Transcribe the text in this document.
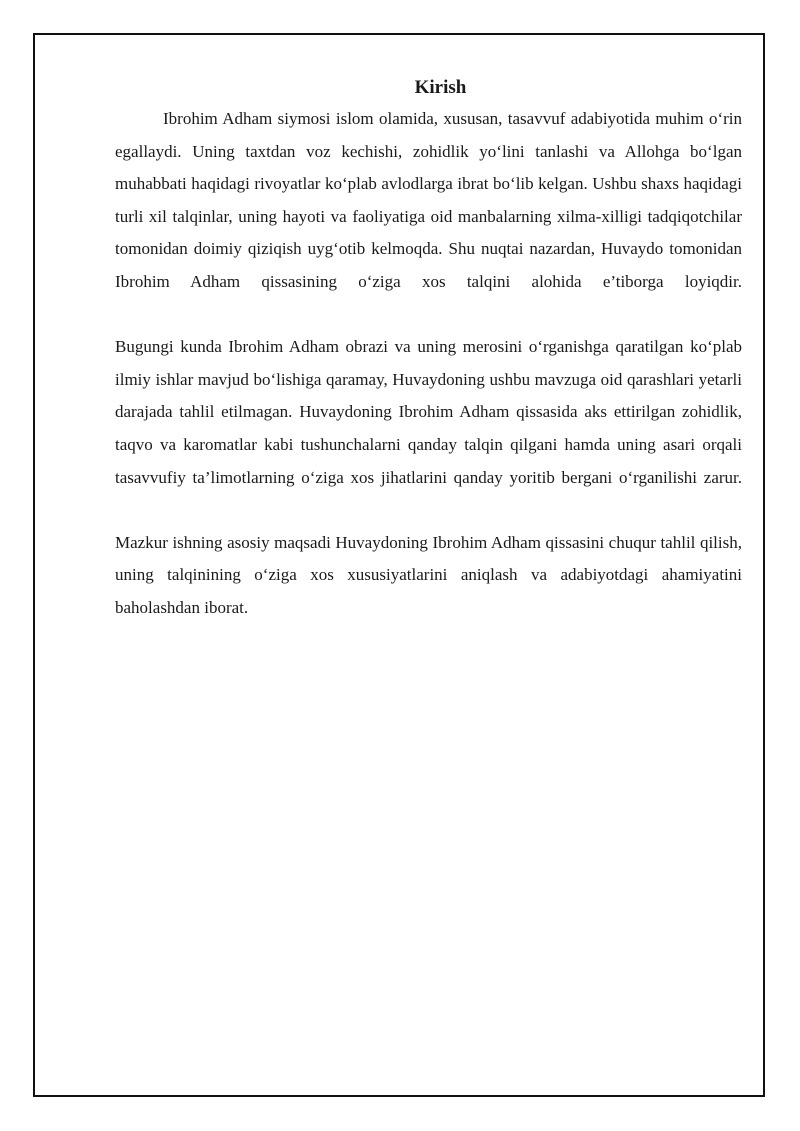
Kirish

Ibrohim Adham siymosi islom olamida, xususan, tasavvuf adabiyotida muhim o‘rin egallaydi. Uning taxtdan voz kechishi, zohidlik yo‘lini tanlashi va Allohga bo‘lgan muhabbati haqidagi rivoyatlar ko‘plab avlodlarga ibrat bo‘lib kelgan. Ushbu shaxs haqidagi turli xil talqinlar, uning hayoti va faoliyatiga oid manbalarning xilma-xilligi tadqiqotchilar tomonidan doimiy qiziqish uyg‘otib kelmoqda. Shu nuqtai nazardan, Huvaydo tomonidan Ibrohim Adham qissasining o‘ziga xos talqini alohida e’tiborga loyiqdir.

Bugungi kunda Ibrohim Adham obrazi va uning merosini o‘rganishga qaratilgan ko‘plab ilmiy ishlar mavjud bo‘lishiga qaramay, Huvaydoning ushbu mavzuga oid qarashlari yetarli darajada tahlil etilmagan. Huvaydoning Ibrohim Adham qissasida aks ettirilgan zohidlik, taqvo va karomatlar kabi tushunchalarni qanday talqin qilgani hamda uning asari orqali tasavvufiy ta’limotlarning o‘ziga xos jihatlarini qanday yoritib bergani o‘rganilishi zarur.

Mazkur ishning asosiy maqsadi Huvaydoning Ibrohim Adham qissasini chuqur tahlil qilish, uning talqinining o‘ziga xos xususiyatlarini aniqlash va adabiyotdagi ahamiyatini baholashdan iborat.
